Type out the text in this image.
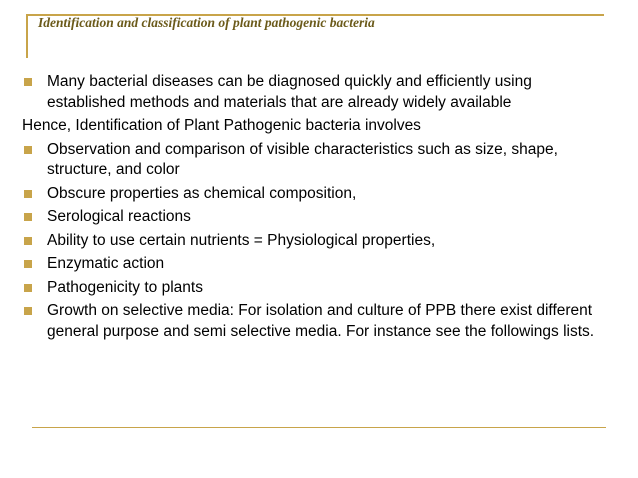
Identification and classification of plant pathogenic bacteria
Many bacterial diseases can be diagnosed quickly and efficiently using established methods and materials that are already widely available
Hence, Identification of Plant Pathogenic bacteria involves
Observation and comparison of visible characteristics such as size, shape, structure, and color
Obscure properties as chemical composition,
Serological reactions
Ability to use certain nutrients = Physiological properties,
Enzymatic action
Pathogenicity to plants
Growth on selective media: For isolation and culture of PPB there exist different general purpose and semi selective media. For instance see the followings lists.
